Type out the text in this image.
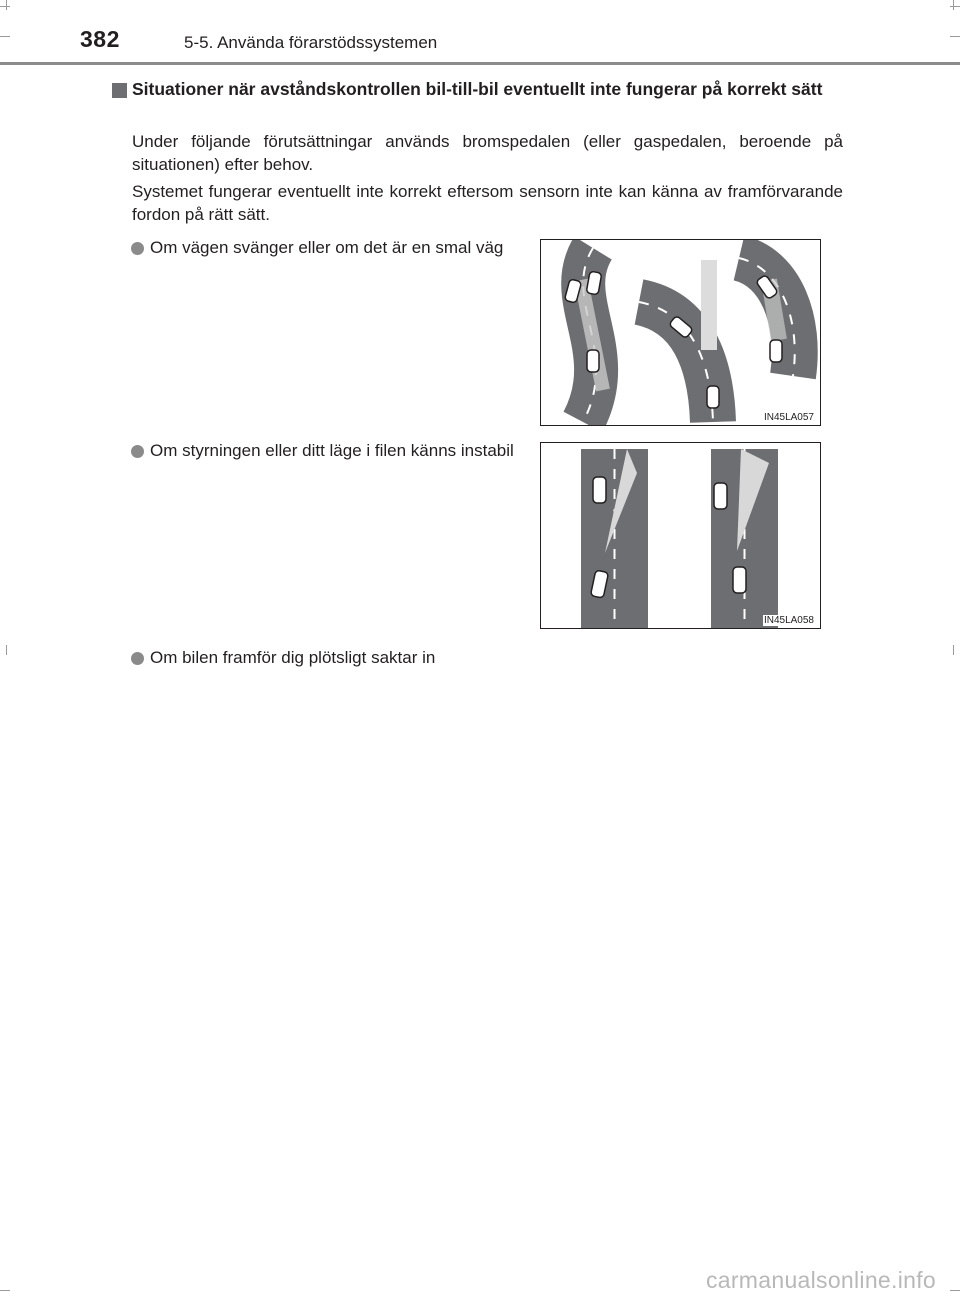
382	5-5. Använda förarstödssystemen
Situationer när avståndskontrollen bil-till-bil eventuellt inte fungerar på korrekt sätt
Under följande förutsättningar används bromspedalen (eller gaspedalen, beroende på situationen) efter behov.
Systemet fungerar eventuellt inte korrekt eftersom sensorn inte kan känna av framförvarande fordon på rätt sätt.
Om vägen svänger eller om det är en smal väg
IN45LA057
Om styrningen eller ditt läge i filen känns instabil
IN45LA058
Om bilen framför dig plötsligt saktar in
carmanualsonline.info
